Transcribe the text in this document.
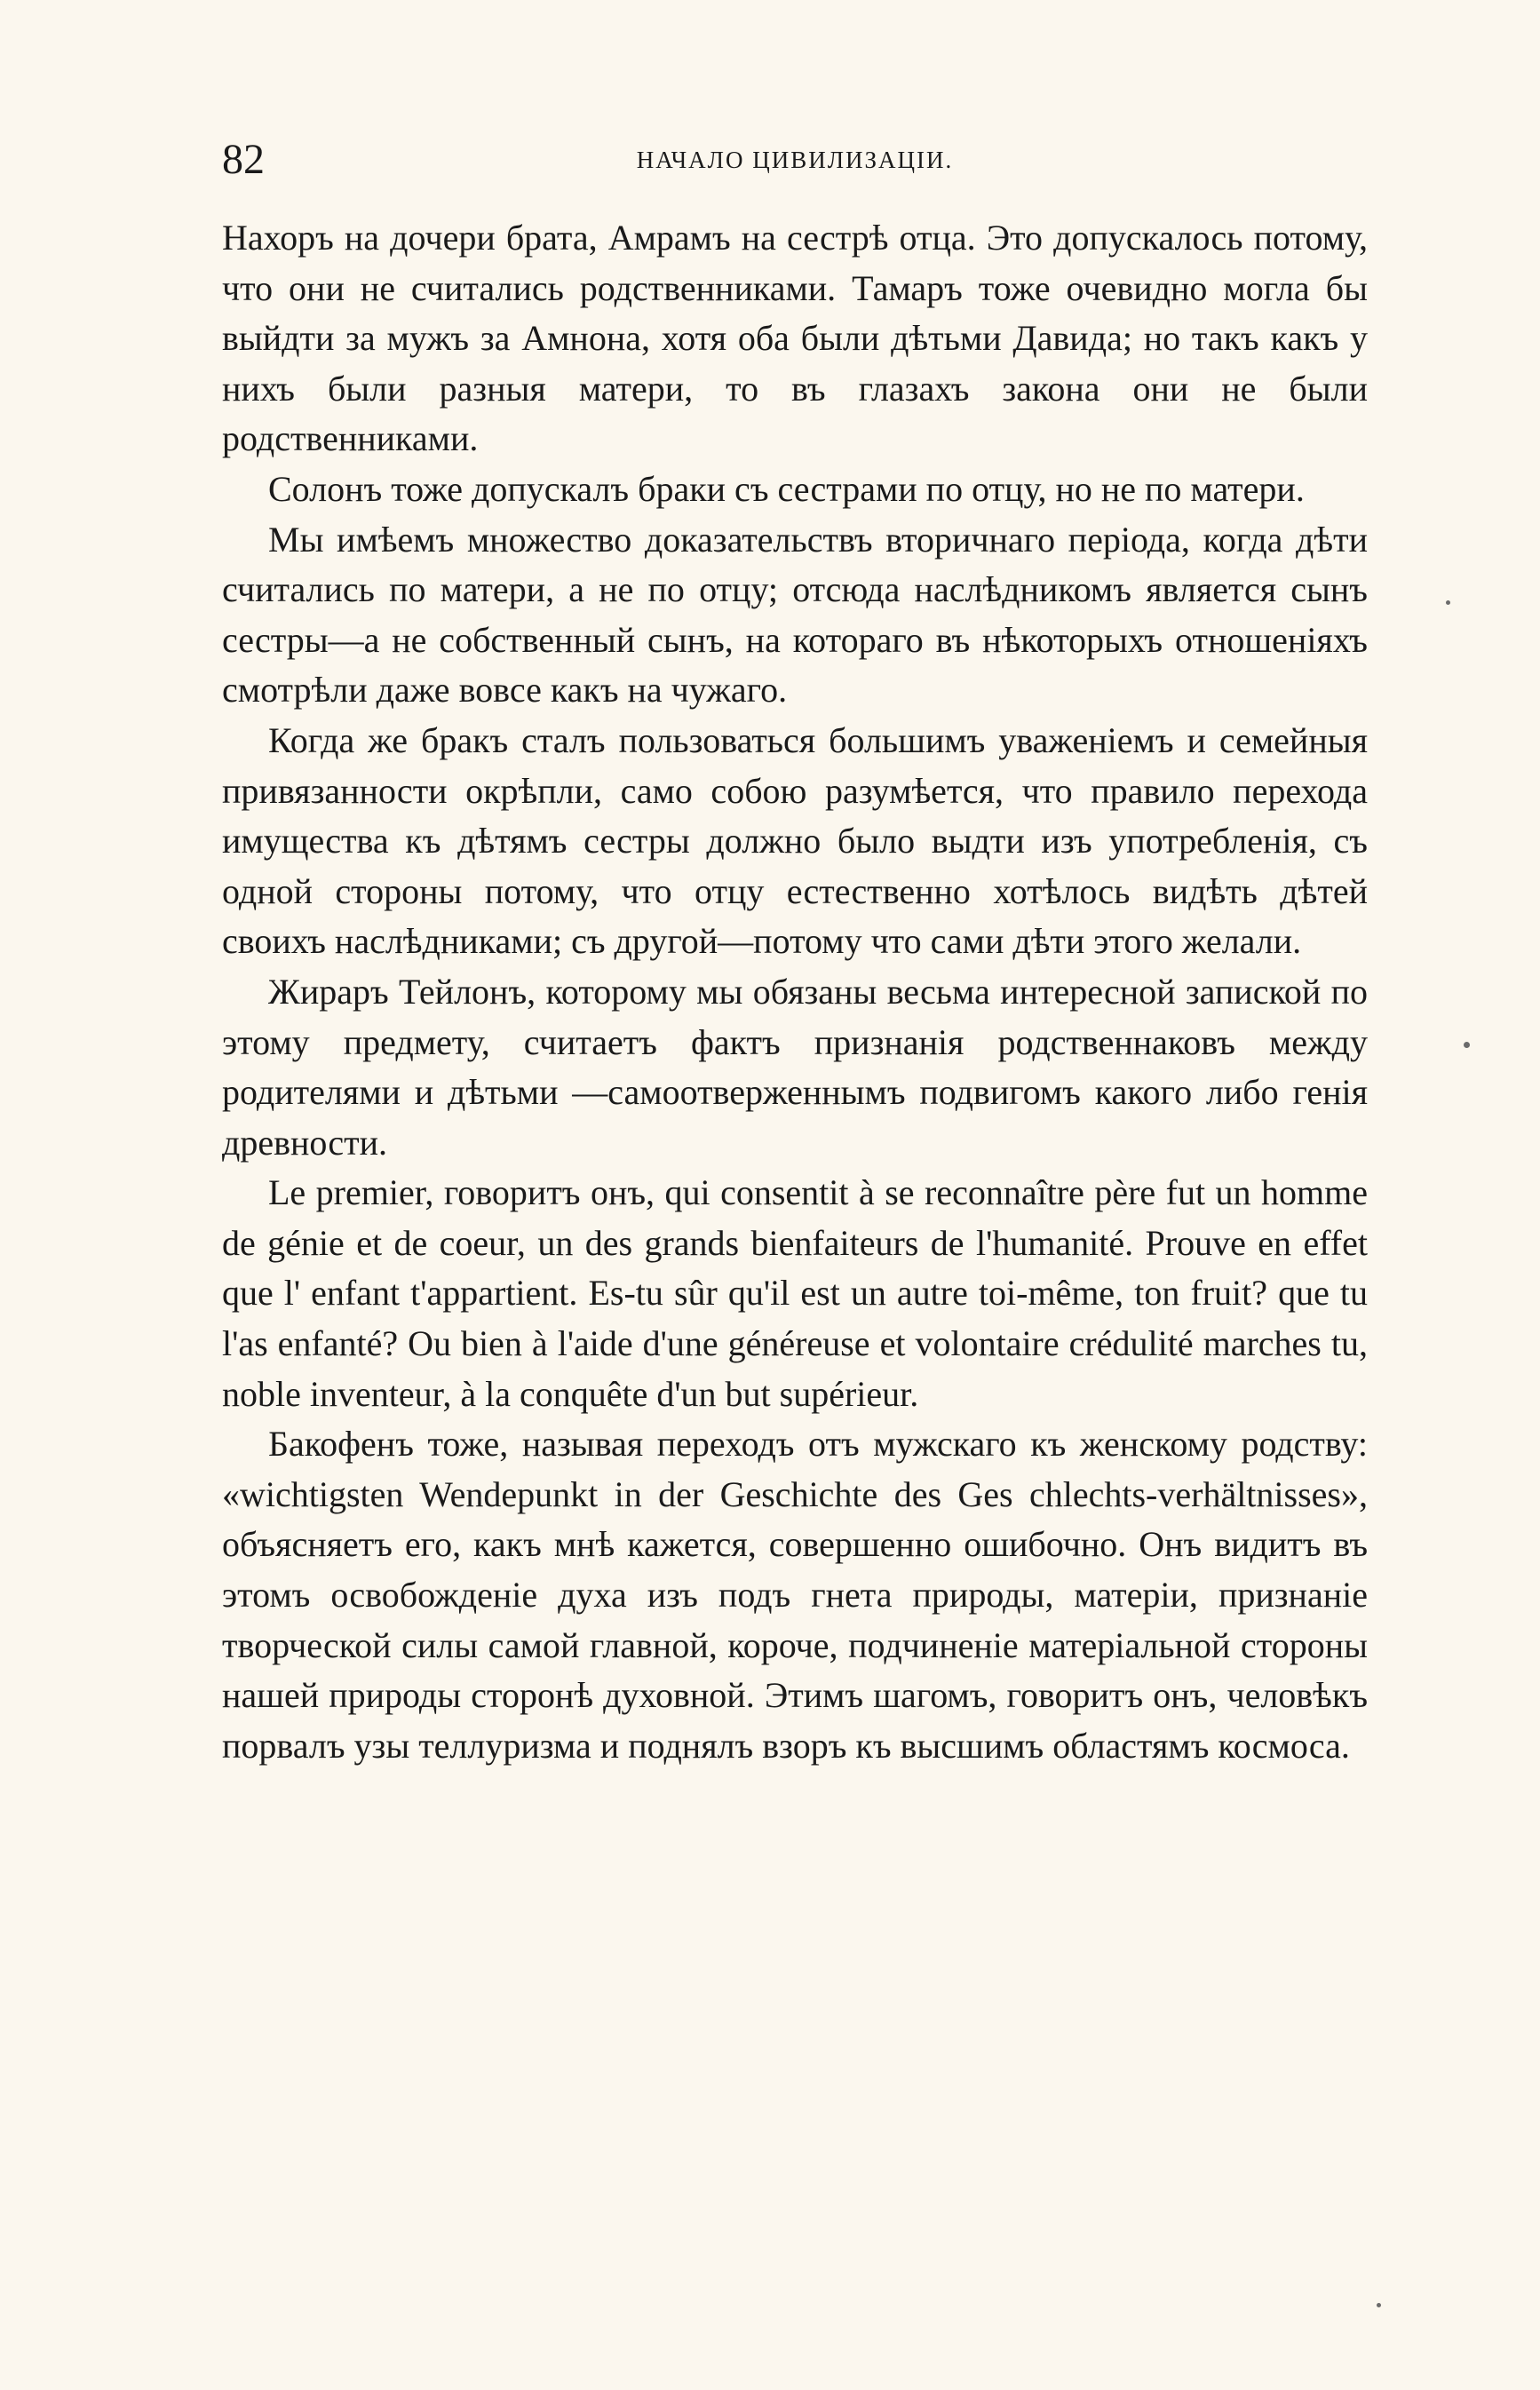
82	НАЧАЛО ЦИВИЛИЗАЦІИ.

Нахоръ на дочери брата, Амрамъ на сестрѣ отца. Это допускалось потому, что они не считались родственниками. Тамаръ тоже очевидно могла бы выйдти за мужъ за Амнона, хотя оба были дѣтьми Давида; но такъ какъ у нихъ были разныя матери, то въ глазахъ закона они не были родственниками.

Солонъ тоже допускалъ браки съ сестрами по отцу, но не по матери.

Мы имѣемъ множество доказательствъ вторичнаго періода, когда дѣти считались по матери, а не по отцу; отсюда наслѣдникомъ является сынъ сестры—а не собственный сынъ, на котораго въ нѣкоторыхъ отношеніяхъ смотрѣли даже вовсе какъ на чужаго.

Когда же бракъ сталъ пользоваться большимъ уваженіемъ и семейныя привязанности окрѣпли, само собою разумѣется, что правило перехода имущества къ дѣтямъ сестры должно было выдти изъ употребленія, съ одной стороны потому, что отцу естественно хотѣлось видѣть дѣтей своихъ наслѣдниками; съ другой—потому что сами дѣти этого желали.

Жираръ Тейлонъ, которому мы обязаны весьма интересной запиской по этому предмету, считаетъ фактъ признанія родственнаковъ между родителями и дѣтьми —самоотверженнымъ подвигомъ какого либо генія древности.

Le premier, говоритъ онъ, qui consentit à se reconnaître père fut un homme de génie et de coeur, un des grands bienfaiteurs de l'humanité. Prouve en effet que l' enfant t'appartient. Es-tu sûr qu'il est un autre toi-même, ton fruit? que tu l'as enfanté? Ou bien à l'aide d'une généreuse et volontaire crédulité marches tu, noble inventeur, à la conquête d'un but supérieur.

Бакофенъ тоже, называя переходъ отъ мужскаго къ женскому родству: «wichtigsten Wendepunkt in der Geschichte des Ges chlechts-verhältnisses», объясняетъ его, какъ мнѣ кажется, совершенно ошибочно. Онъ видитъ въ этомъ освобожденіе духа изъ подъ гнета природы, матеріи, признаніе творческой силы самой главной, короче, подчиненіе матеріальной стороны нашей природы сторонѣ духовной. Этимъ шагомъ, говоритъ онъ, человѣкъ порвалъ узы теллуризма и поднялъ взоръ къ высшимъ областямъ космоса.
